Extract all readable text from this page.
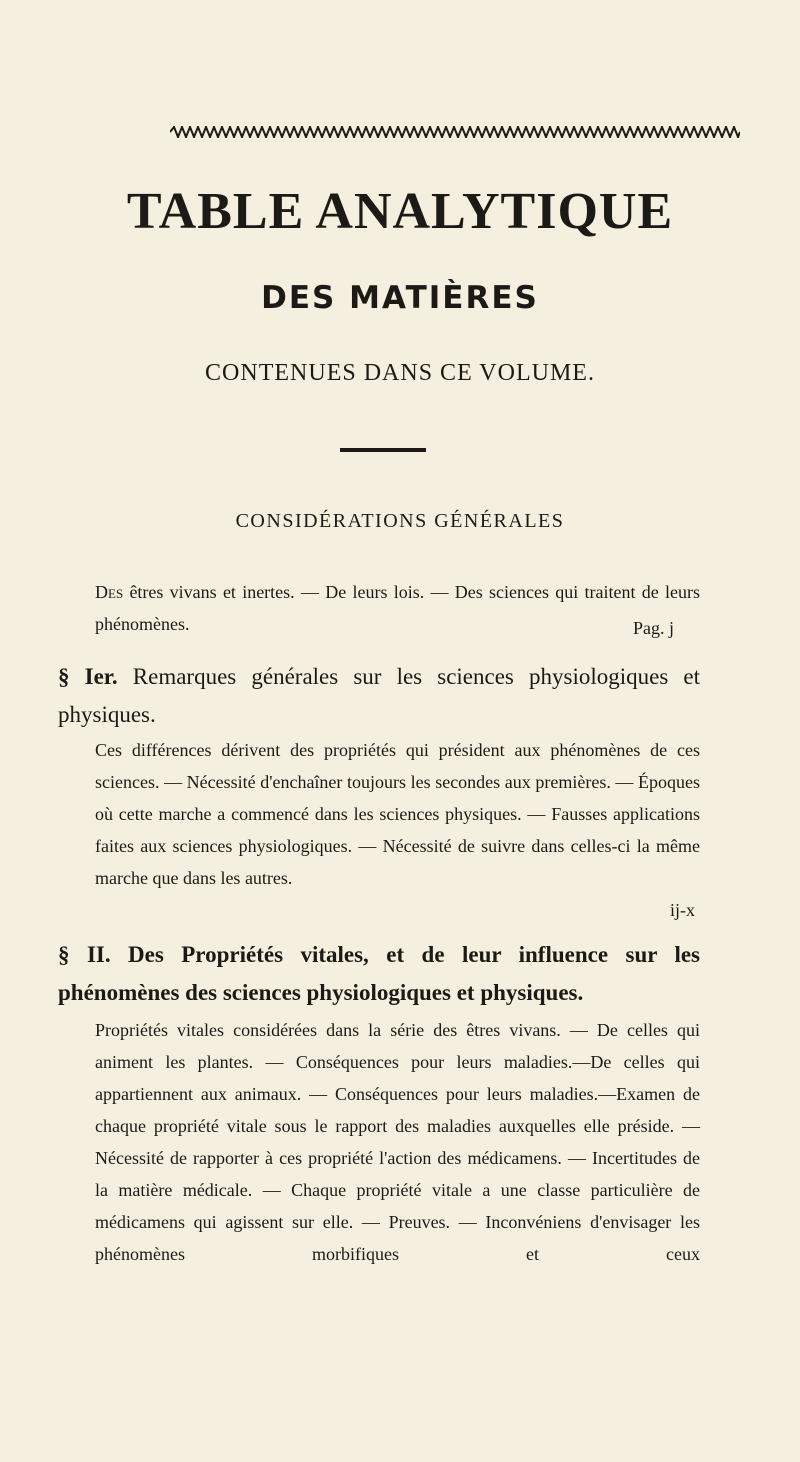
TABLE ANALYTIQUE
DES MATIÈRES
CONTENUES DANS CE VOLUME.
CONSIDÉRATIONS GÉNÉRALES

Des êtres vivans et inertes. — De leurs lois. — Des sciences qui traitent de leurs phénomènes.	Pag. j

§ Ier. Remarques générales sur les sciences physiologiques et physiques.

Ces différences dérivent des propriétés qui président aux phénomènes de ces sciences. — Nécessité d'enchaîner toujours les secondes aux premières. — Époques où cette marche a commencé dans les sciences physiques. — Fausses applications faites aux sciences physiologiques. — Nécessité de suivre dans celles-ci la même marche que dans les autres.

ij-x

§ II. Des Propriétés vitales, et de leur influence sur les phénomènes des sciences physiologiques et physiques.

Propriétés vitales considérées dans la série des êtres vivans. — De celles qui animent les plantes. — Conséquences pour leurs maladies.—De celles qui appartiennent aux animaux. — Conséquences pour leurs maladies.—Examen de chaque propriété vitale sous le rapport des maladies auxquelles elle préside. — Nécessité de rapporter à ces propriété l'action des médicamens. — Incertitudes de la matière médicale. — Chaque propriété vitale a une classe particulière de médicamens qui agissent sur elle. — Preuves. — Inconvéniens d'envisager les phénomènes morbifiques et ceux
